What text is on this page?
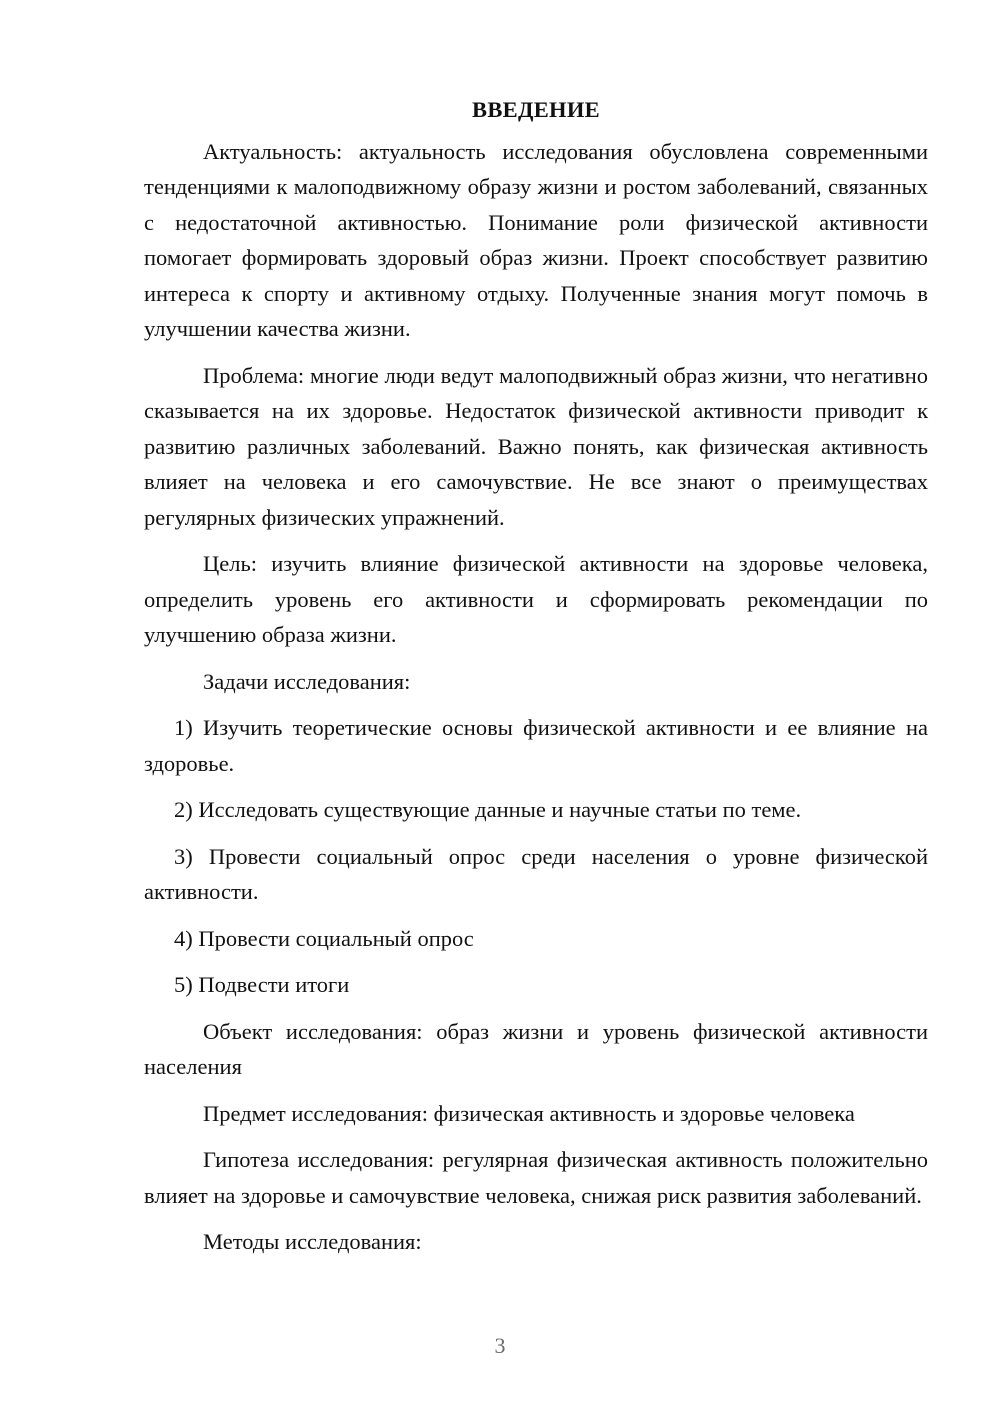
ВВЕДЕНИЕ

Актуальность: актуальность исследования обусловлена современными тенденциями к малоподвижному образу жизни и ростом заболеваний, связанных с недостаточной активностью. Понимание роли физической активности помогает формировать здоровый образ жизни. Проект способствует развитию интереса к спорту и активному отдыху. Полученные знания могут помочь в улучшении качества жизни.

Проблема: многие люди ведут малоподвижный образ жизни, что негативно сказывается на их здоровье. Недостаток физической активности приводит к развитию различных заболеваний. Важно понять, как физическая активность влияет на человека и его самочувствие. Не все знают о преимуществах регулярных физических упражнений.

Цель: изучить влияние физической активности на здоровье человека, определить уровень его активности и сформировать рекомендации по улучшению образа жизни.

Задачи исследования:

1) Изучить теоретические основы физической активности и ее влияние на здоровье.

2) Исследовать существующие данные и научные статьи по теме.

3) Провести социальный опрос среди населения о уровне физической активности.

4) Провести социальный опрос

5) Подвести итоги

Объект исследования: образ жизни и уровень физической активности населения

Предмет исследования: физическая активность и здоровье человека

Гипотеза исследования: регулярная физическая активность положительно влияет на здоровье и самочувствие человека, снижая риск развития заболеваний.

Методы исследования:

3
